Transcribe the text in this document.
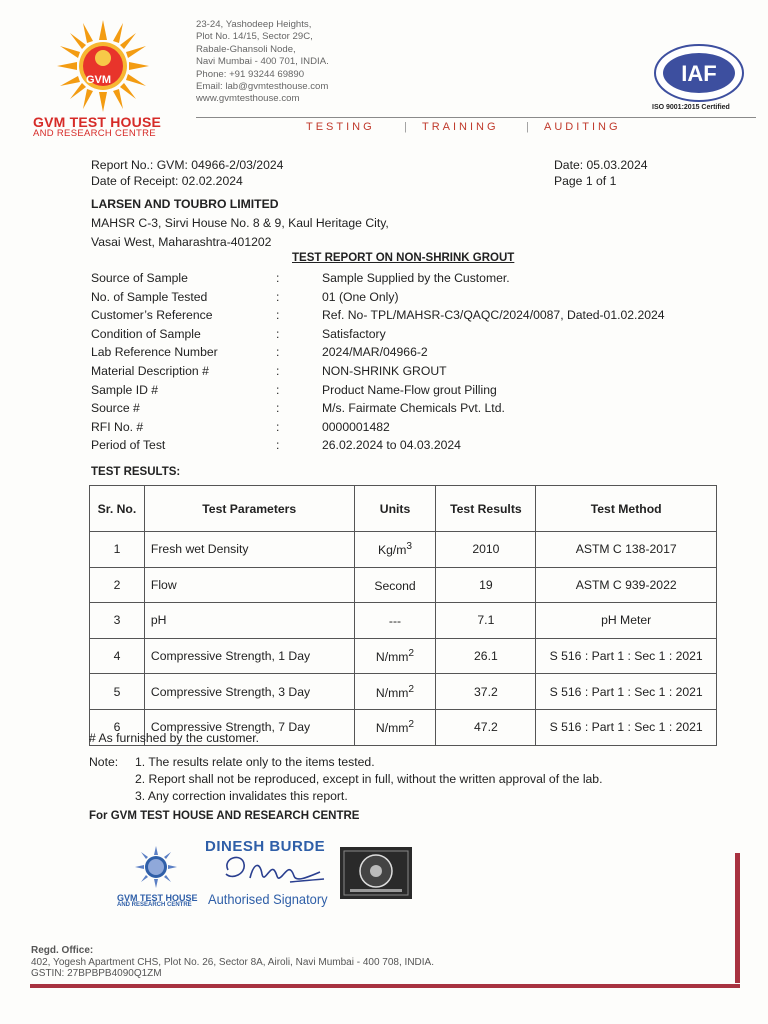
GVM
GVM TEST HOUSE
AND RESEARCH CENTRE
23-24, Yashodeep Heights,
Plot No. 14/15, Sector 29C,
Rabale-Ghansoli Node,
Navi Mumbai - 400 701, INDIA.
Phone: +91 93244 69890
Email: lab@gvmtesthouse.com
www.gvmtesthouse.com
IAF
ISO 9001:2015 Certified
TESTING	| TRAINING | AUDITING
Report No.: GVM: 04966-2/03/2024
Date of Receipt: 02.02.2024
Date: 05.03.2024
Page 1 of 1
LARSEN AND TOUBRO LIMITED
MAHSR C-3, Sirvi House No. 8 & 9, Kaul Heritage City,
Vasai West, Maharashtra-401202
TEST REPORT ON NON-SHRINK GROUT
Source of Sample	:	Sample Supplied by the Customer.
No. of Sample Tested	:	01 (One Only)
Customer’s Reference	:	Ref. No- TPL/MAHSR-C3/QAQC/2024/0087, Dated-01.02.2024
Condition of Sample	:	Satisfactory
Lab Reference Number	:	2024/MAR/04966-2
Material Description #	:	NON-SHRINK GROUT
Sample ID #	:	Product Name-Flow grout Pilling
Source #	:	M/s. Fairmate Chemicals Pvt. Ltd.
RFI No. #	:	0000001482
Period of Test	:	26.02.2024 to 04.03.2024
TEST RESULTS:
Sr. No.	Test Parameters	Units	Test Results	Test Method
1	Fresh wet Density	$Kg/m^3$	2010	ASTM C 138-2017
2	Flow	Second	19	ASTM C 939-2022
3	pH	---	7.1	pH Meter
4	Compressive Strength, 1 Day	$N/mm^2$	26.1	S 516 : Part 1 : Sec 1 : 2021
5	Compressive Strength, 3 Day	$N/mm^2$	37.2	S 516 : Part 1 : Sec 1 : 2021
6	Compressive Strength, 7 Day	$N/mm^2$	47.2	S 516 : Part 1 : Sec 1 : 2021
# As furnished by the customer.
Note: 1. The results relate only to the items tested.
2. Report shall not be reproduced, except in full, without the written approval of the lab.
3. Any correction invalidates this report.
For GVM TEST HOUSE AND RESEARCH CENTRE
GVM TEST HOUSE
AND RESEARCH CENTRE
DINESH BURDE
Authorised Signatory
Regd. Office:
402, Yogesh Apartment CHS, Plot No. 26, Sector 8A, Airoli, Navi Mumbai - 400 708, INDIA.
GSTIN: 27BPBPB4090Q1ZM
